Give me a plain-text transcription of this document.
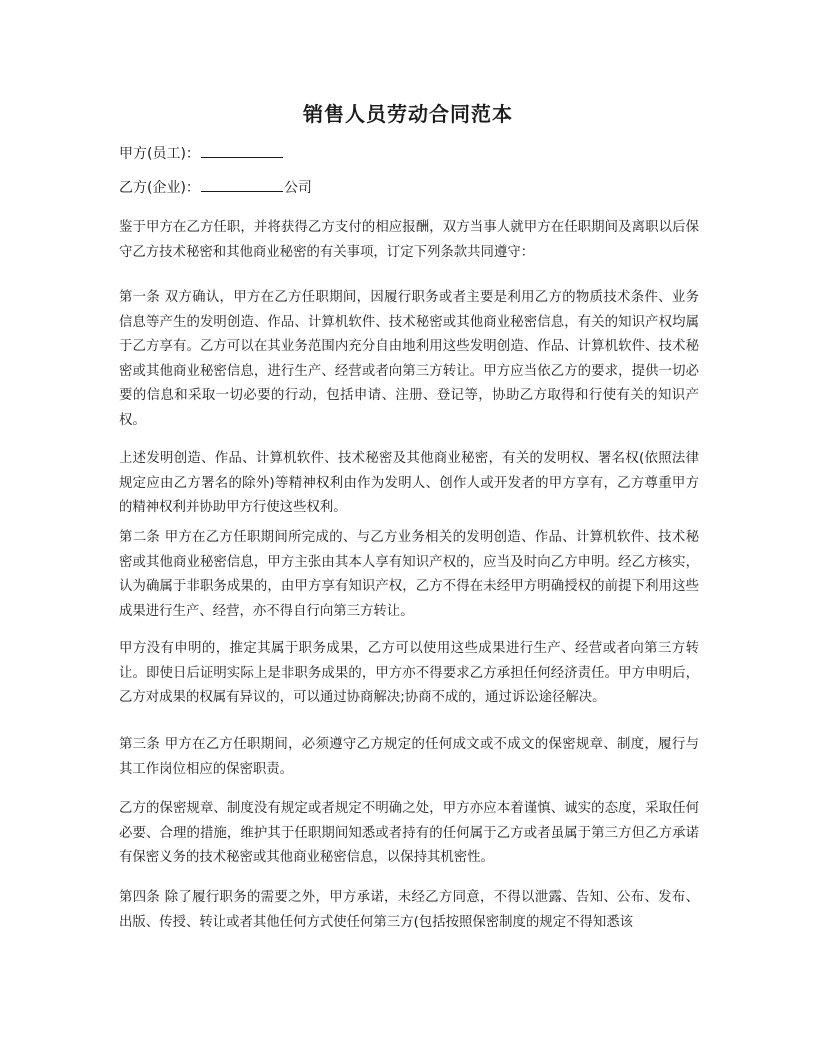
销售人员劳动合同范本
甲方(员工)：
乙方(企业)：	公司

鉴于甲方在乙方任职，并将获得乙方支付的相应报酬，双方当事人就甲方在任职期间及离职以后保守乙方技术秘密和其他商业秘密的有关事项，订定下列条款共同遵守：

第一条 双方确认，甲方在乙方任职期间，因履行职务或者主要是利用乙方的物质技术条件、业务信息等产生的发明创造、作品、计算机软件、技术秘密或其他商业秘密信息，有关的知识产权均属于乙方享有。乙方可以在其业务范围内充分自由地利用这些发明创造、作品、计算机软件、技术秘密或其他商业秘密信息，进行生产、经营或者向第三方转让。甲方应当依乙方的要求，提供一切必要的信息和采取一切必要的行动，包括申请、注册、登记等，协助乙方取得和行使有关的知识产权。

上述发明创造、作品、计算机软件、技术秘密及其他商业秘密，有关的发明权、署名权(依照法律规定应由乙方署名的除外)等精神权利由作为发明人、创作人或开发者的甲方享有，乙方尊重甲方的精神权利并协助甲方行使这些权利。

第二条 甲方在乙方任职期间所完成的、与乙方业务相关的发明创造、作品、计算机软件、技术秘密或其他商业秘密信息，甲方主张由其本人享有知识产权的，应当及时向乙方申明。经乙方核实，认为确属于非职务成果的，由甲方享有知识产权，乙方不得在未经甲方明确授权的前提下利用这些成果进行生产、经营，亦不得自行向第三方转让。

甲方没有申明的，推定其属于职务成果，乙方可以使用这些成果进行生产、经营或者向第三方转让。即使日后证明实际上是非职务成果的，甲方亦不得要求乙方承担任何经济责任。甲方申明后，乙方对成果的权属有异议的，可以通过协商解决;协商不成的，通过诉讼途径解决。

第三条 甲方在乙方任职期间，必须遵守乙方规定的任何成文或不成文的保密规章、制度，履行与其工作岗位相应的保密职责。

乙方的保密规章、制度没有规定或者规定不明确之处，甲方亦应本着谨慎、诚实的态度，采取任何必要、合理的措施，维护其于任职期间知悉或者持有的任何属于乙方或者虽属于第三方但乙方承诺有保密义务的技术秘密或其他商业秘密信息，以保持其机密性。

第四条 除了履行职务的需要之外，甲方承诺，未经乙方同意，不得以泄露、告知、公布、发布、出版、传授、转让或者其他任何方式使任何第三方(包括按照保密制度的规定不得知悉该
